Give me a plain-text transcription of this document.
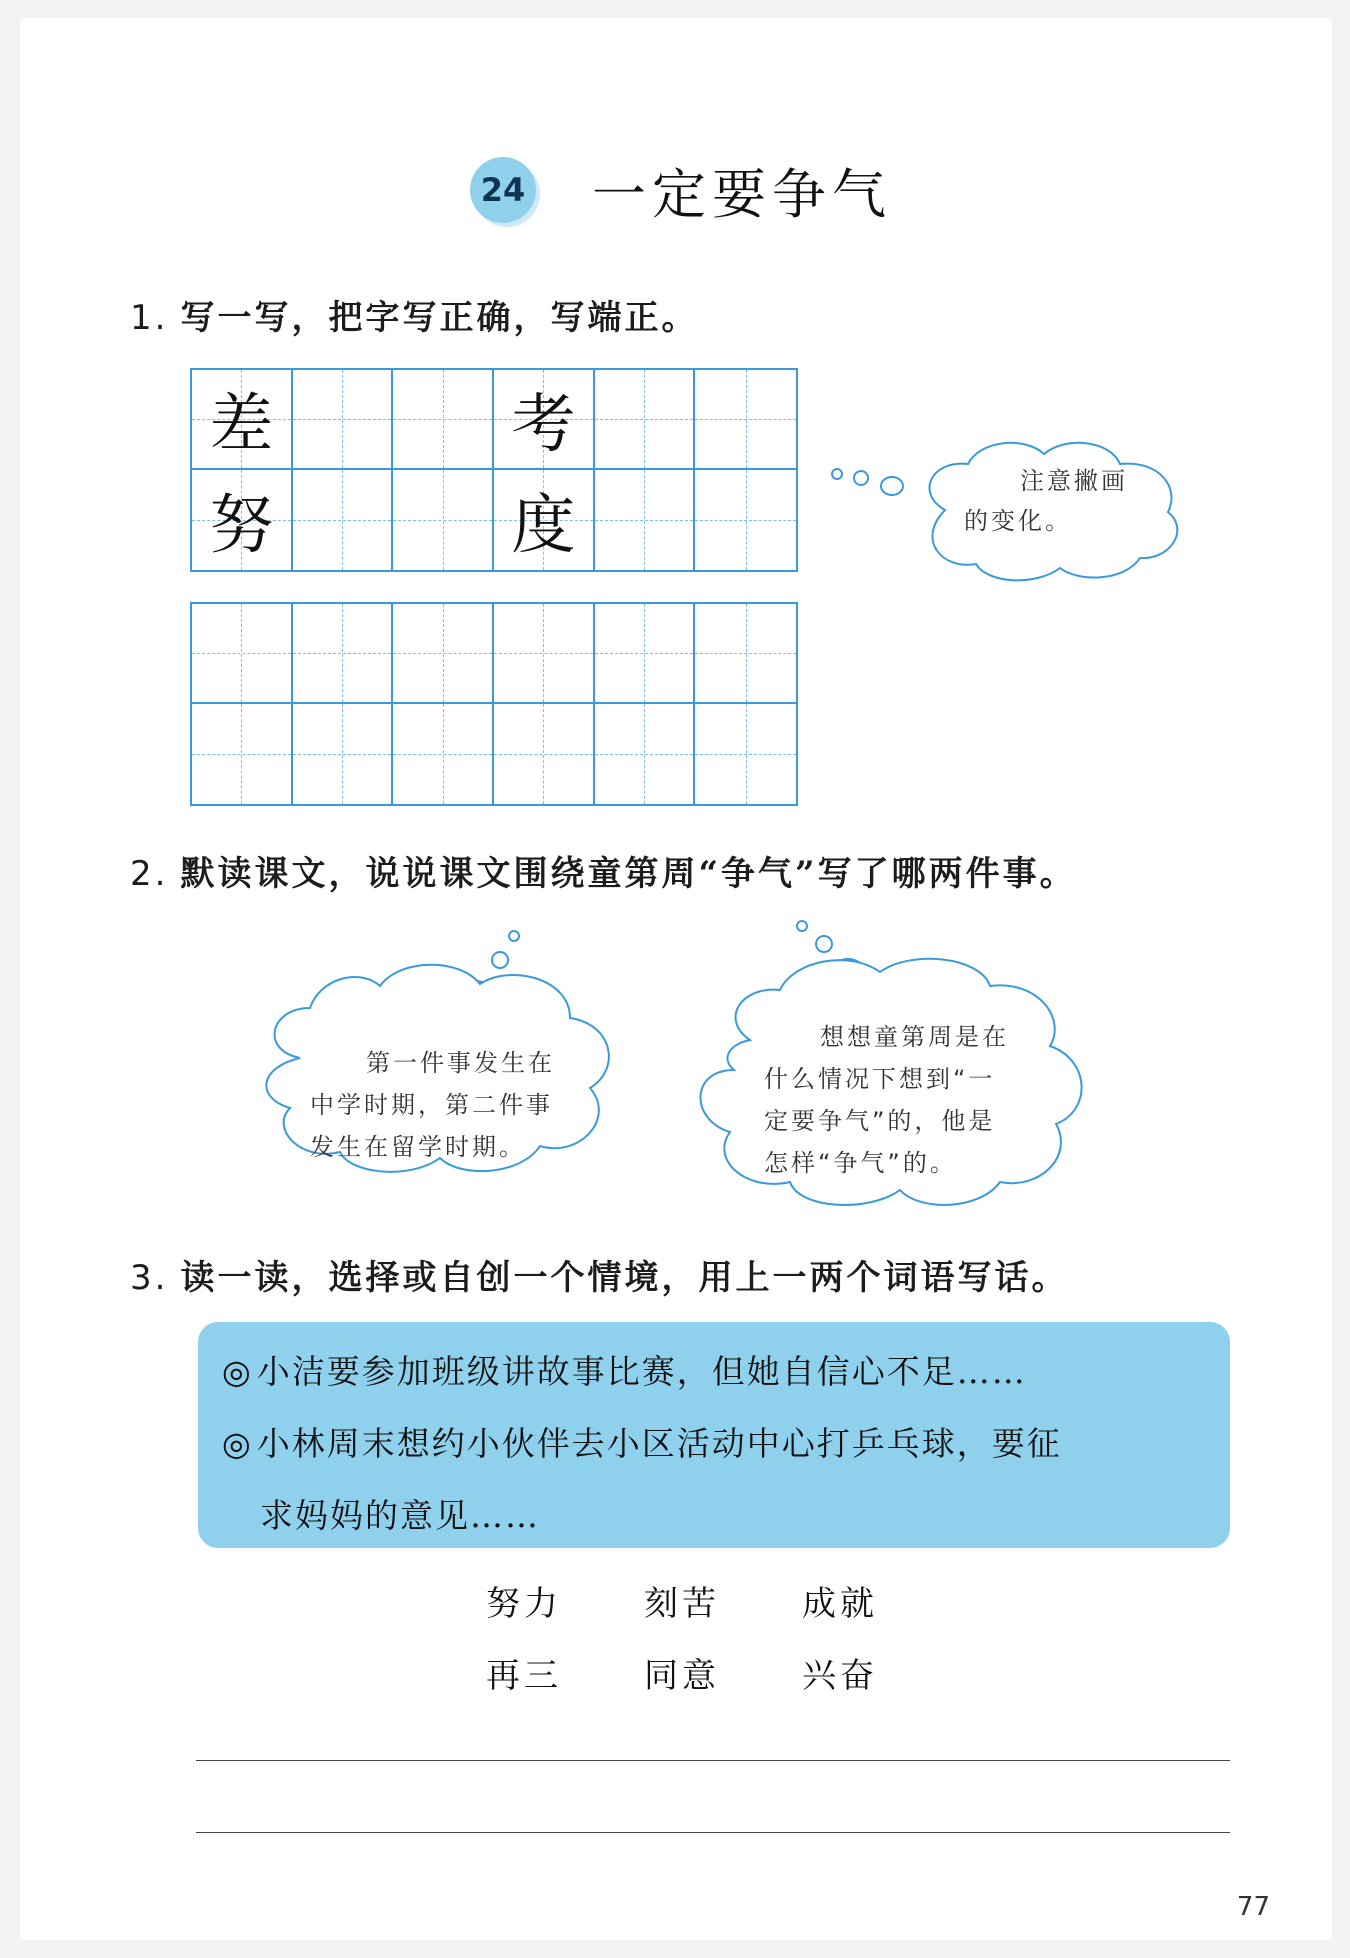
24 一定要争气
1. 写一写，把字写正确，写端正。
差	考
努	度
注意撇画
的变化。
2. 默读课文，说说课文围绕童第周“争气”写了哪两件事。
第一件事发生在
中学时期，第二件事
发生在留学时期。
想想童第周是在
什么情况下想到“一
定要争气”的，他是
怎样“争气”的。
3. 读一读，选择或自创一个情境，用上一两个词语写话。
◎ 小洁要参加班级讲故事比赛，但她自信心不足……
◎ 小林周末想约小伙伴去小区活动中心打乒乓球，要征
求妈妈的意见……
努力 刻苦 成就
再三 同意 兴奋
77
